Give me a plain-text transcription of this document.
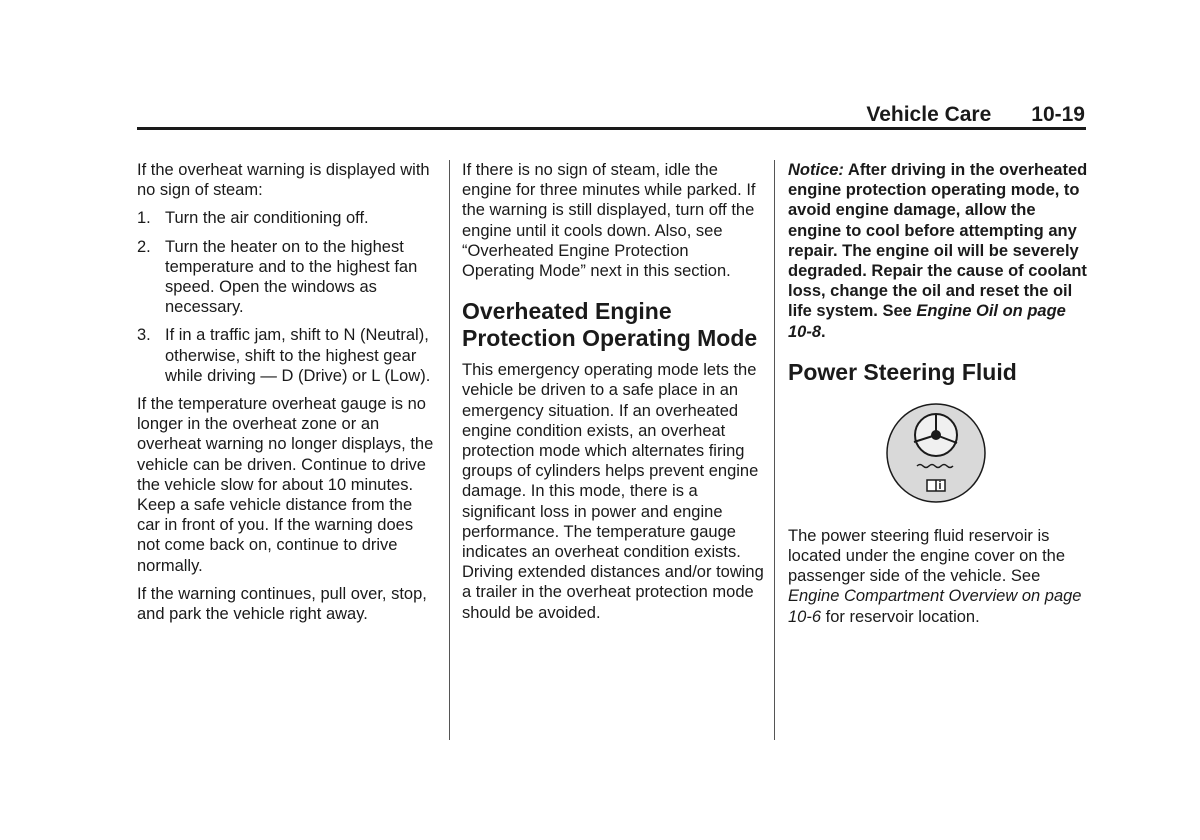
Vehicle Care 10-19

If the overheat warning is displayed with no sign of steam:

1. Turn the air conditioning off.
2. Turn the heater on to the highest temperature and to the highest fan speed. Open the windows as necessary.
3. If in a traffic jam, shift to N (Neutral), otherwise, shift to the highest gear while driving — D (Drive) or L (Low).

If the temperature overheat gauge is no longer in the overheat zone or an overheat warning no longer displays, the vehicle can be driven. Continue to drive the vehicle slow for about 10 minutes. Keep a safe vehicle distance from the car in front of you. If the warning does not come back on, continue to drive normally.

If the warning continues, pull over, stop, and park the vehicle right away.

If there is no sign of steam, idle the engine for three minutes while parked. If the warning is still displayed, turn off the engine until it cools down. Also, see “Overheated Engine Protection Operating Mode” next in this section.

Overheated Engine Protection Operating Mode

This emergency operating mode lets the vehicle be driven to a safe place in an emergency situation. If an overheated engine condition exists, an overheat protection mode which alternates firing groups of cylinders helps prevent engine damage. In this mode, there is a significant loss in power and engine performance. The temperature gauge indicates an overheat condition exists. Driving extended distances and/or towing a trailer in the overheat protection mode should be avoided.

Notice: After driving in the overheated engine protection operating mode, to avoid engine damage, allow the engine to cool before attempting any repair. The engine oil will be severely degraded. Repair the cause of coolant loss, change the oil and reset the oil life system. See Engine Oil on page 10-8.

Power Steering Fluid

The power steering fluid reservoir is located under the engine cover on the passenger side of the vehicle. See Engine Compartment Overview on page 10-6 for reservoir location.
